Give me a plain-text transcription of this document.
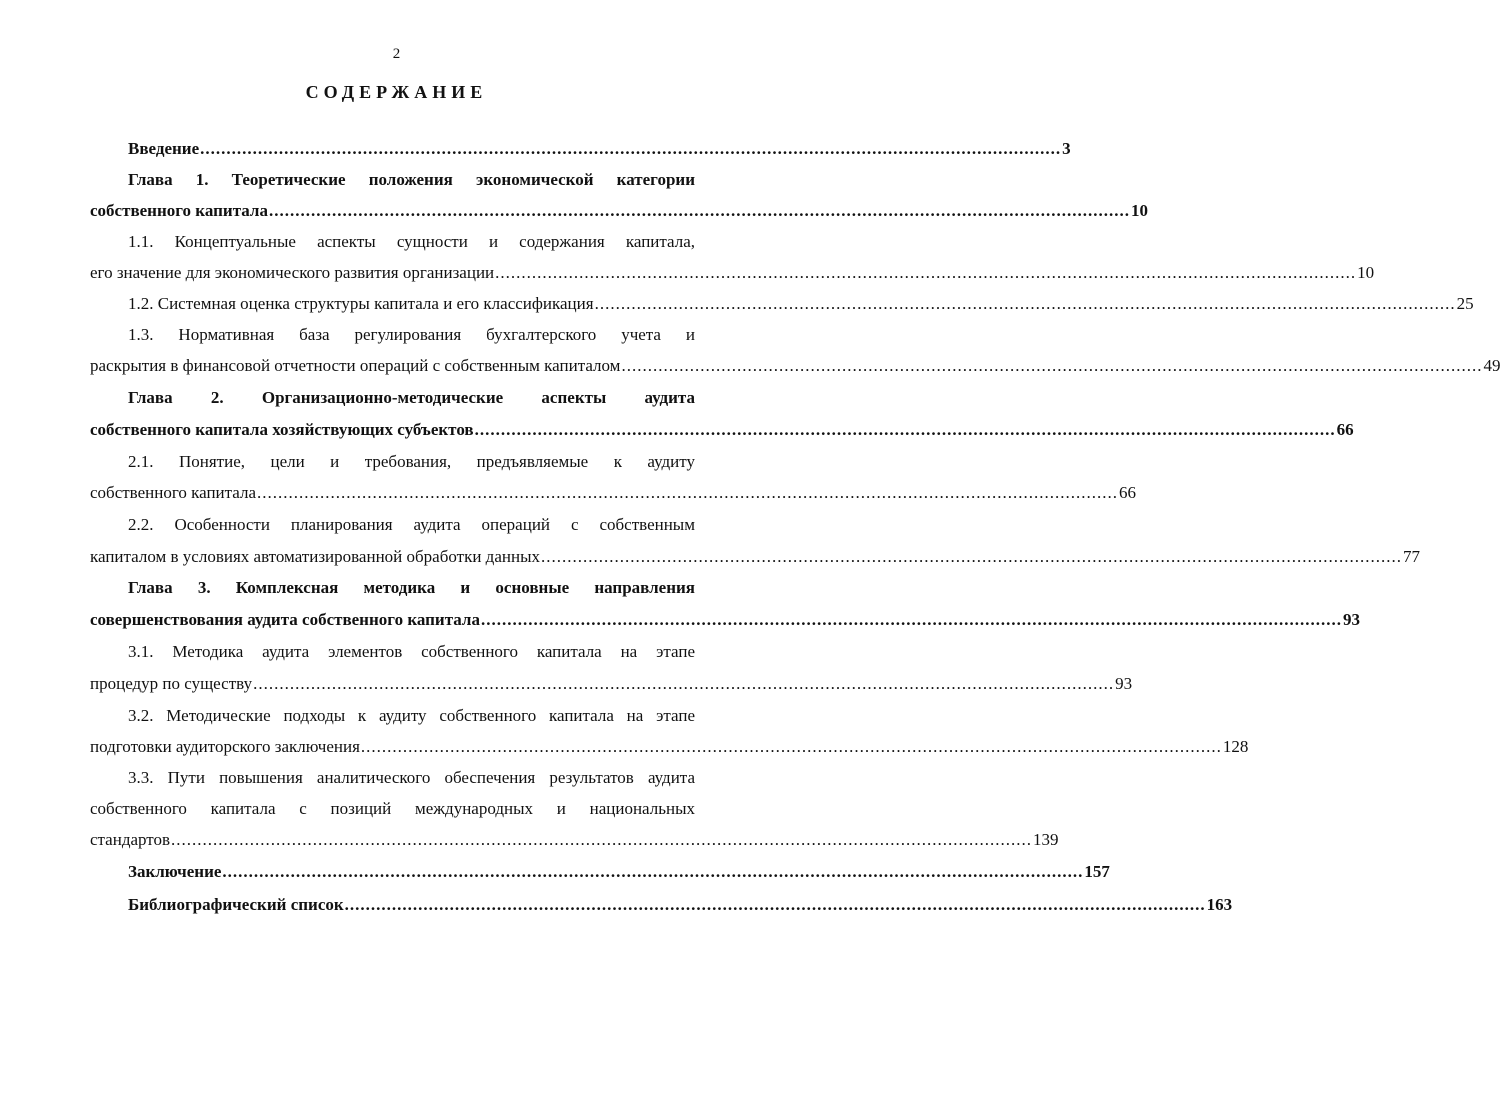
2
СОДЕРЖАНИЕ
Введение .................................................................................................................................................................... 3
Глава 1. Теоретические положения экономической категории
собственного капитала .................................................................................................................................................................... 10
1.1. Концептуальные аспекты сущности и содержания капитала,
его значение для экономического развития организации .................................................................................................................................................................... 10
1.2. Системная оценка структуры капитала и его классификация .................................................................................................................................................................... 25
1.3. Нормативная база регулирования бухгалтерского учета и
раскрытия в финансовой отчетности операций с собственным капиталом .................................................................................................................................................................... 49
Глава 2. Организационно-методические аспекты аудита
собственного капитала хозяйствующих субъектов .................................................................................................................................................................... 66
2.1. Понятие, цели и требования, предъявляемые к аудиту
собственного капитала .................................................................................................................................................................... 66
2.2. Особенности планирования аудита операций с собственным
капиталом в условиях автоматизированной обработки данных .................................................................................................................................................................... 77
Глава 3. Комплексная методика и основные направления
совершенствования аудита собственного капитала .................................................................................................................................................................... 93
3.1. Методика аудита элементов собственного капитала на этапе
процедур по существу .................................................................................................................................................................... 93
3.2. Методические подходы к аудиту собственного капитала на этапе
подготовки аудиторского заключения .................................................................................................................................................................... 128
3.3. Пути повышения аналитического обеспечения результатов аудита
собственного капитала с позиций международных и национальных
стандартов .................................................................................................................................................................... 139
Заключение .................................................................................................................................................................... 157
Библиографический список .................................................................................................................................................................... 163
